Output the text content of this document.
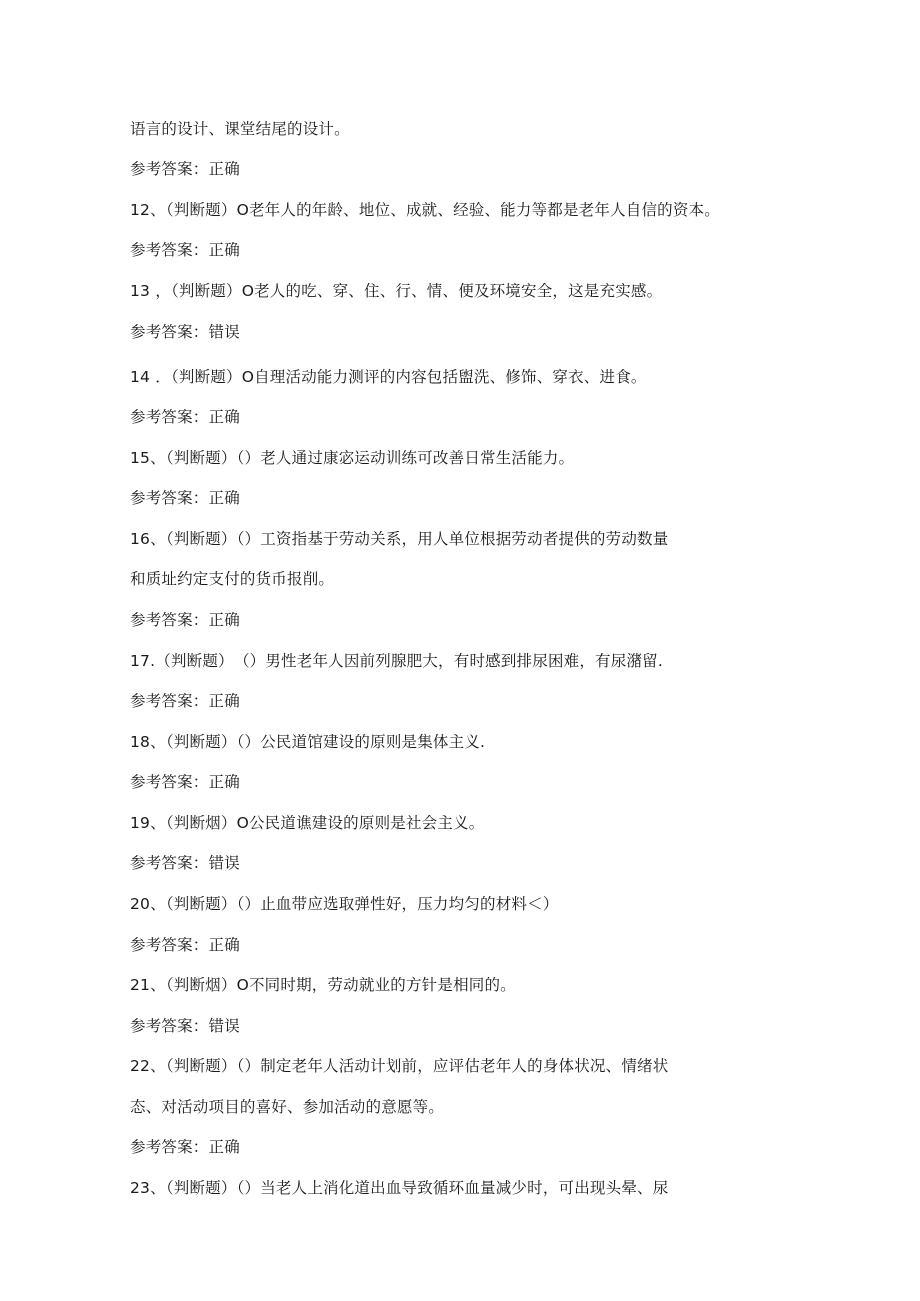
语言的设计、课堂结尾的设计。
参考答案：正确
12、（判断题）O老年人的年龄、地位、成就、经验、能力等都是老年人自信的资本。
参考答案：正确
13 ，（判断题）O老人的吃、穿、住、行、情、便及环境安全，这是充实感。
参考答案：错误
14 ．（判断题）O自理活动能力测评的内容包括盥洗、修饰、穿衣、进食。
参考答案：正确
15、（判断题）（）老人通过康宓运动训练可改善日常生活能力。
参考答案：正确
16、（判断题）（）工资指基于劳动关系，用人单位根据劳动者提供的劳动数量
和质址约定支付的货币报削。
参考答案：正确
17.（判断题）　（）男性老年人因前列腺肥大，有时感到排尿困难，有尿潴留.
参考答案：正确
18、（判断题）（）公民道馆建设的原则是集体主义.
参考答案：正确
19、（判断烟）O公民道谯建设的原则是社会主义。
参考答案：错误
20、（判断题）（）止血带应选取弹性好，压力均匀的材料＜）
参考答案：正确
21、（判断烟）O不同时期，劳动就业的方针是相同的。
参考答案：错误
22、（判断题）（）制定老年人活动计划前，应评估老年人的身体状况、情绪状
态、对活动项目的喜好、参加活动的意愿等。
参考答案：正确
23、（判断题）（）当老人上消化道出血导致循环血量减少时，可出现头晕、尿
